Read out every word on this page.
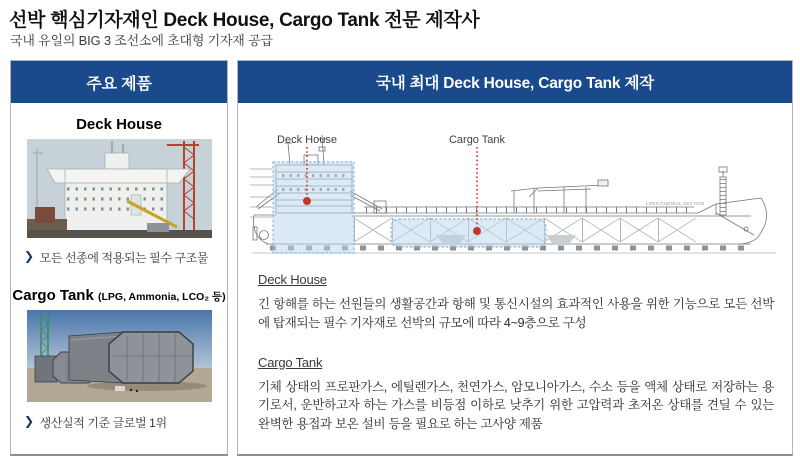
선박 핵심기자재인 Deck House, Cargo Tank 전문 제작사
국내 유일의 BIG 3 조선소에 초대형 기자재 공급
주요 제품
Deck House
❯ 모든 선종에 적용되는 필수 구조물
Cargo Tank (LPG, Ammonia, LCO₂ 등)
❯ 생산실적 기준 글로벌 1위
국내 최대 Deck House, Cargo Tank 제작
LONGITUDINAL SECTION
Deck House	Cargo Tank
Deck House
긴 항해를 하는 선원들의 생활공간과 항해 및 통신시설의 효과적인 사용을 위한 기능으로 모든 선박에 탑재되는 필수 기자재로 선박의 규모에 따라 4~9층으로 구성
Cargo Tank
기체 상태의 프로판가스, 에틸렌가스, 천연가스, 암모니아가스, 수소 등을 액체 상태로 저장하는 용기로서, 운반하고자 하는 가스를 비등점 이하로 낮추기 위한 고압력과 초저온 상태를 견딜 수 있는 완벽한 용접과 보온 설비 등을 필요로 하는 고사양 제품
